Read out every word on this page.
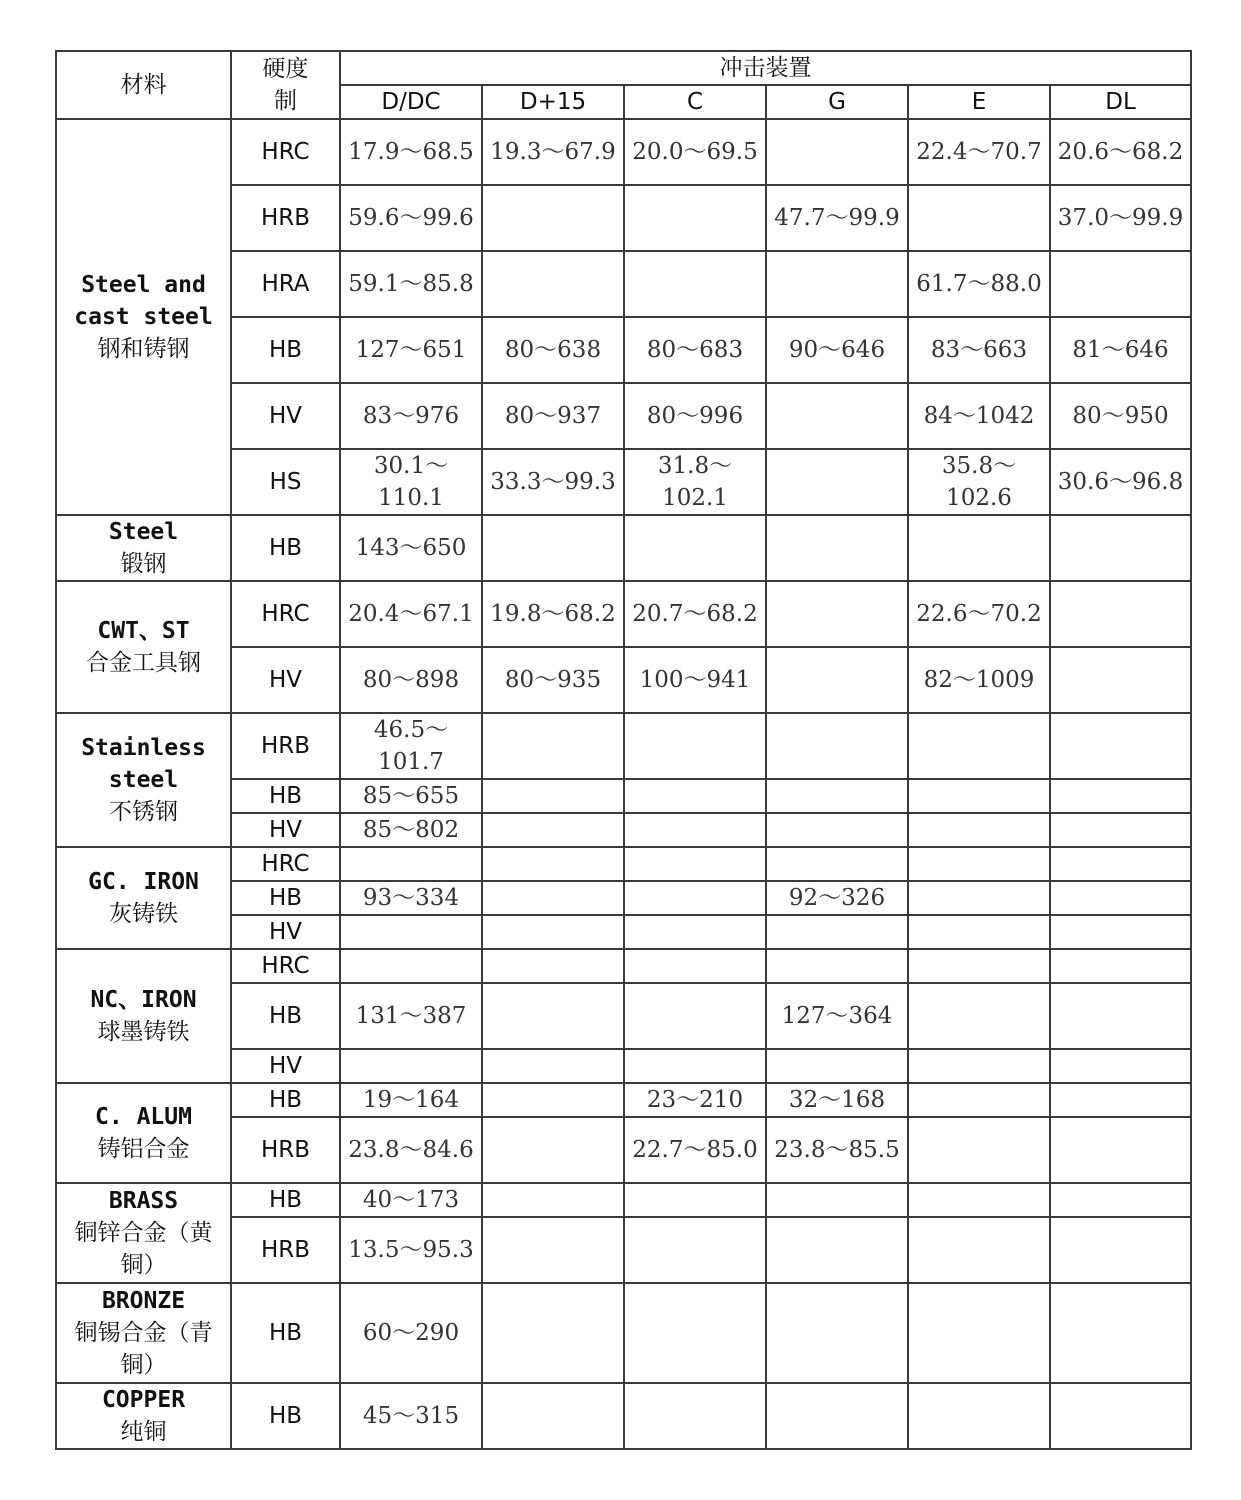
材料	硬度制	冲击装置					
		D/DC	D+15	C	G	E	DL

Steel and cast steel
钢和铸钢	HRC	17.9～68.5	19.3～67.9	20.0～69.5		22.4～70.7	20.6～68.2
	HRB	59.6～99.6			47.7～99.9		37.0～99.9
	HRA	59.1～85.8				61.7～88.0	
	HB	127～651	80～638	80～683	90～646	83～663	81～646
	HV	83～976	80～937	80～996		84～1042	80～950
	HS	30.1～110.1	33.3～99.3	31.8～102.1		35.8～102.6	30.6～96.8

Steel
锻钢	HB	143～650					

CWT、ST
合金工具钢	HRC	20.4～67.1	19.8～68.2	20.7～68.2		22.6～70.2	
	HV	80～898	80～935	100～941		82～1009	

Stainless steel
不锈钢	HRB	46.5～101.7					
	HB	85～655					
	HV	85～802					

GC. IRON
灰铸铁	HRC						
	HB	93～334			92～326		
	HV						

NC、IRON
球墨铸铁	HRC						
	HB	131～387			127～364		
	HV						

C. ALUM
铸铝合金	HB	19～164		23～210	32～168		
	HRB	23.8～84.6		22.7～85.0	23.8～85.5		

BRASS
铜锌合金（黄铜）	HB	40～173					
	HRB	13.5～95.3					

BRONZE
铜锡合金（青铜）	HB	60～290					

COPPER
纯铜	HB	45～315					
